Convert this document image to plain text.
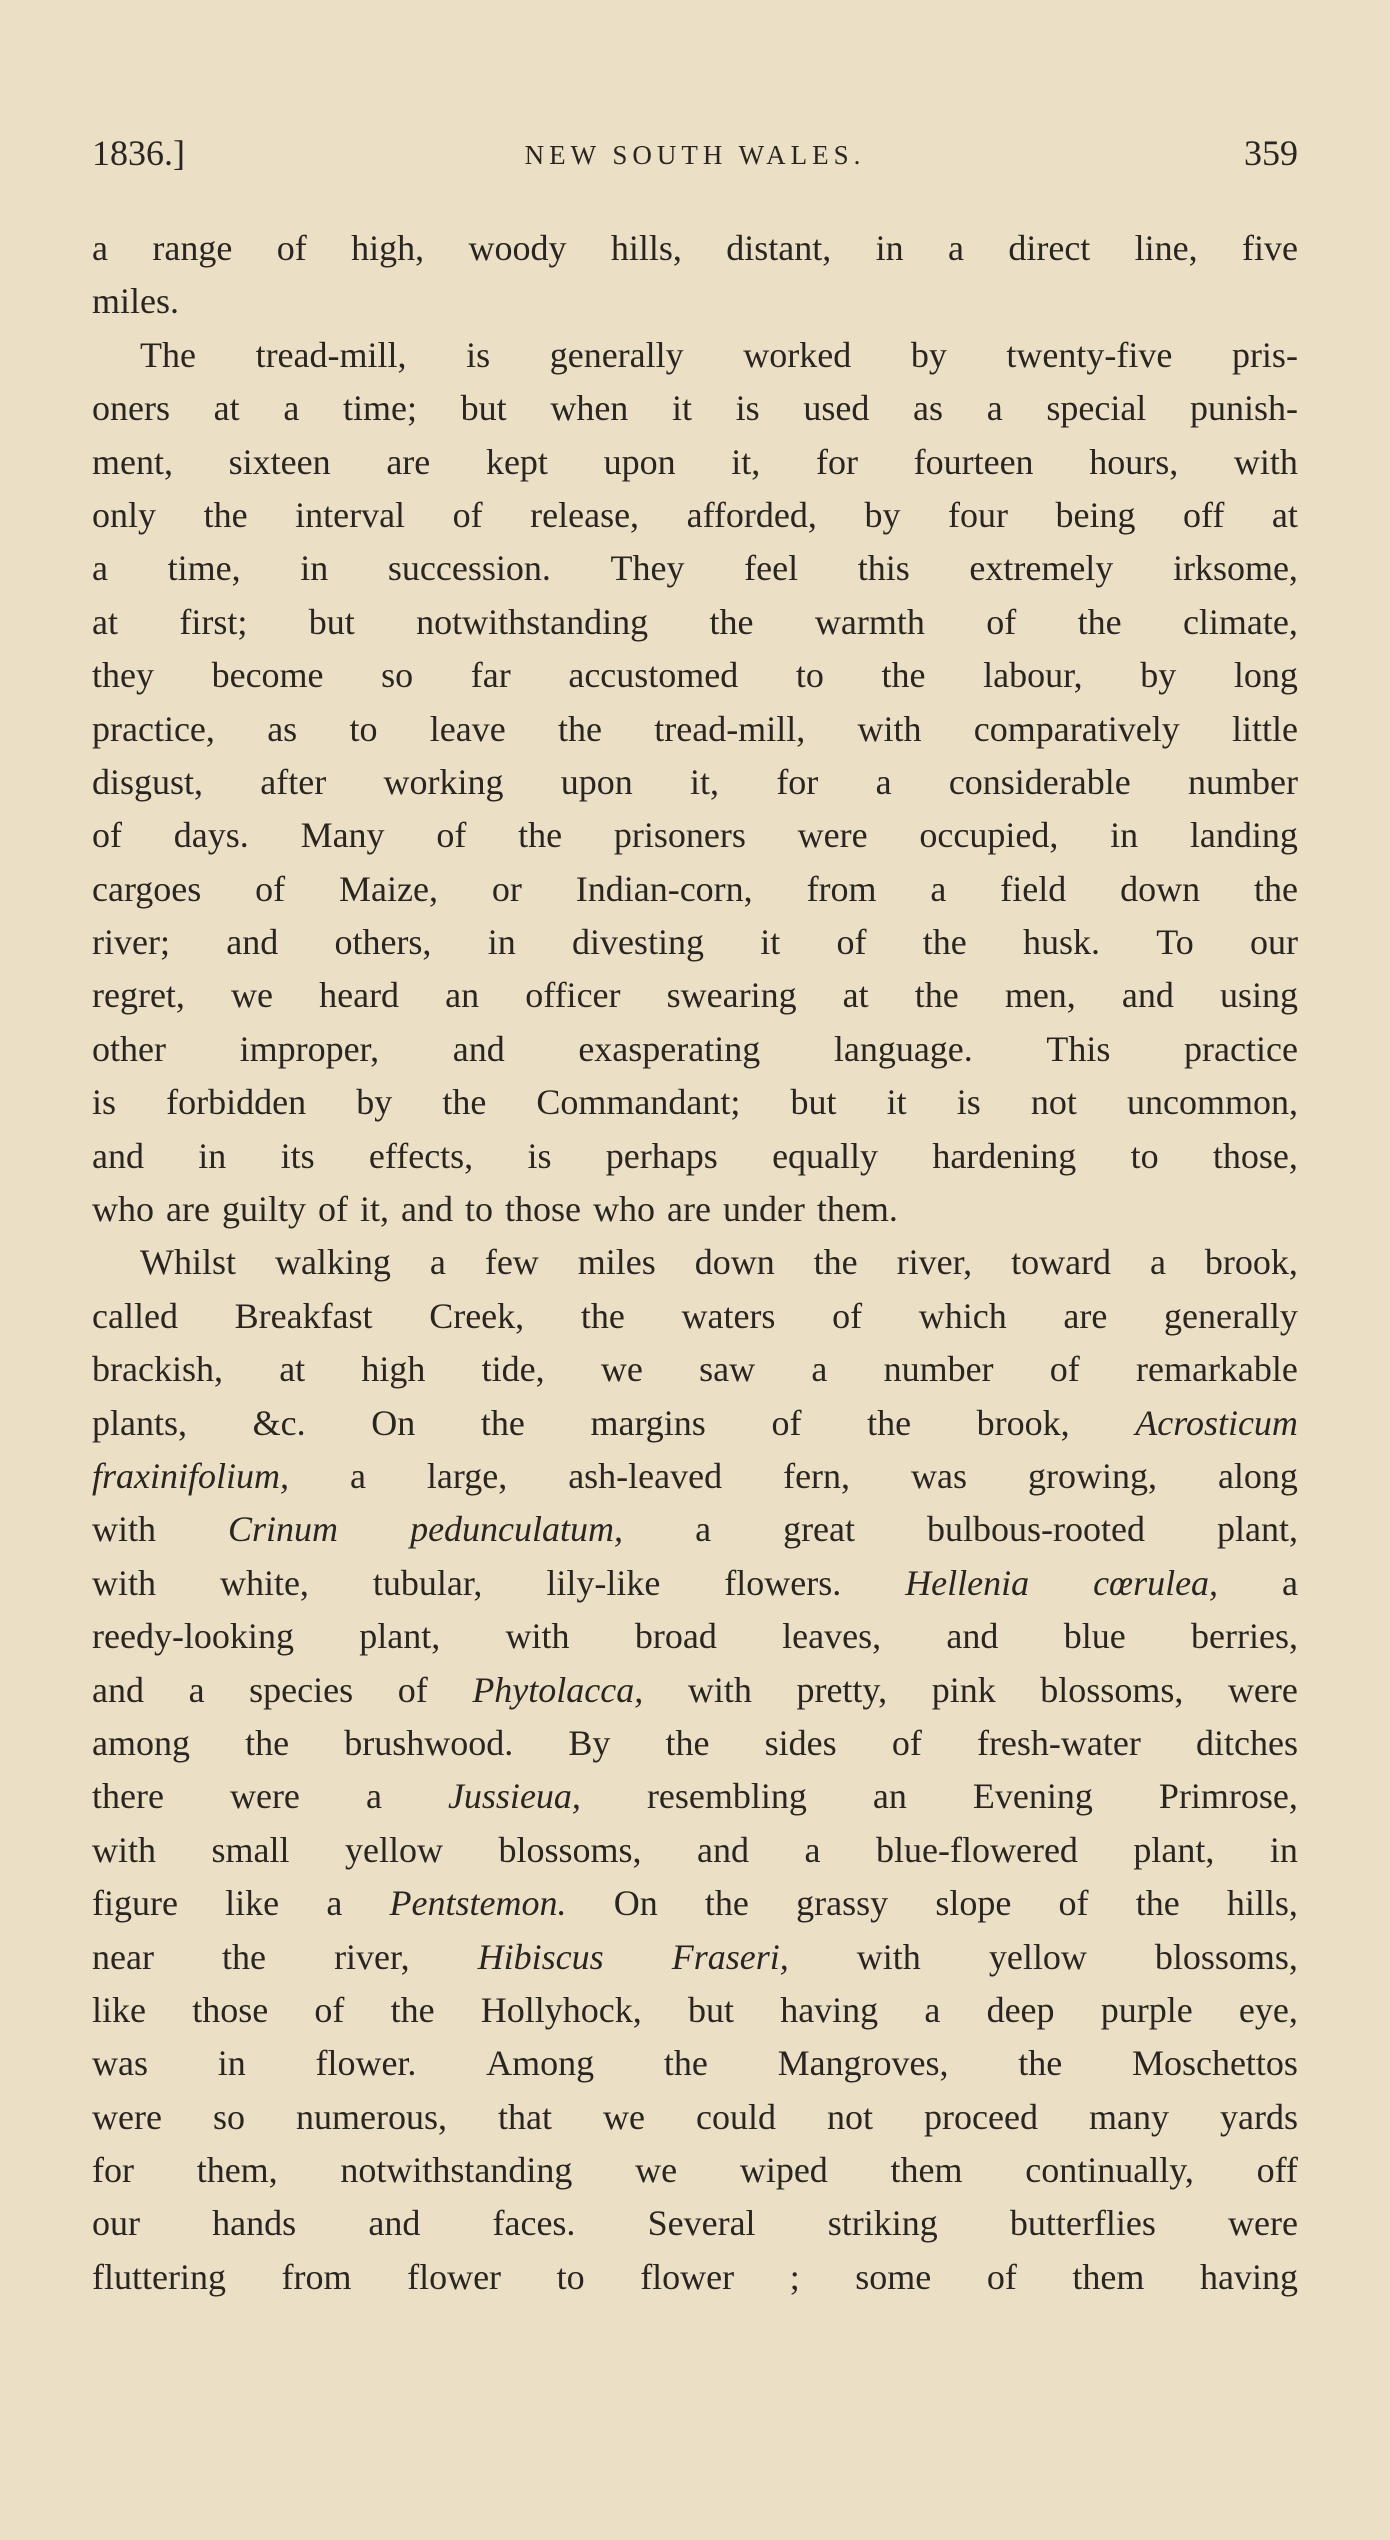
1836.]	NEW SOUTH WALES.	359
a range of high, woody hills, distant, in a direct line, five
miles.
The tread-mill, is generally worked by twenty-five pris-
oners at a time; but when it is used as a special punish-
ment, sixteen are kept upon it, for fourteen hours, with
only the interval of release, afforded, by four being off at
a time, in succession. They feel this extremely irksome,
at first; but notwithstanding the warmth of the climate,
they become so far accustomed to the labour, by long
practice, as to leave the tread-mill, with comparatively little
disgust, after working upon it, for a considerable number
of days. Many of the prisoners were occupied, in landing
cargoes of Maize, or Indian-corn, from a field down the
river; and others, in divesting it of the husk. To our
regret, we heard an officer swearing at the men, and using
other improper, and exasperating language. This practice
is forbidden by the Commandant; but it is not uncommon,
and in its effects, is perhaps equally hardening to those,
who are guilty of it, and to those who are under them.
Whilst walking a few miles down the river, toward a brook,
called Breakfast Creek, the waters of which are generally
brackish, at high tide, we saw a number of remarkable
plants, &c. On the margins of the brook, Acrosticum
fraxinifolium, a large, ash-leaved fern, was growing, along
with Crinum pedunculatum, a great bulbous-rooted plant,
with white, tubular, lily-like flowers. Hellenia cœrulea, a
reedy-looking plant, with broad leaves, and blue berries,
and a species of Phytolacca, with pretty, pink blossoms, were
among the brushwood. By the sides of fresh-water ditches
there were a Jussieua, resembling an Evening Primrose,
with small yellow blossoms, and a blue-flowered plant, in
figure like a Pentstemon. On the grassy slope of the hills,
near the river, Hibiscus Fraseri, with yellow blossoms,
like those of the Hollyhock, but having a deep purple eye,
was in flower. Among the Mangroves, the Moschettos
were so numerous, that we could not proceed many yards
for them, notwithstanding we wiped them continually, off
our hands and faces. Several striking butterflies were
fluttering from flower to flower ; some of them having
